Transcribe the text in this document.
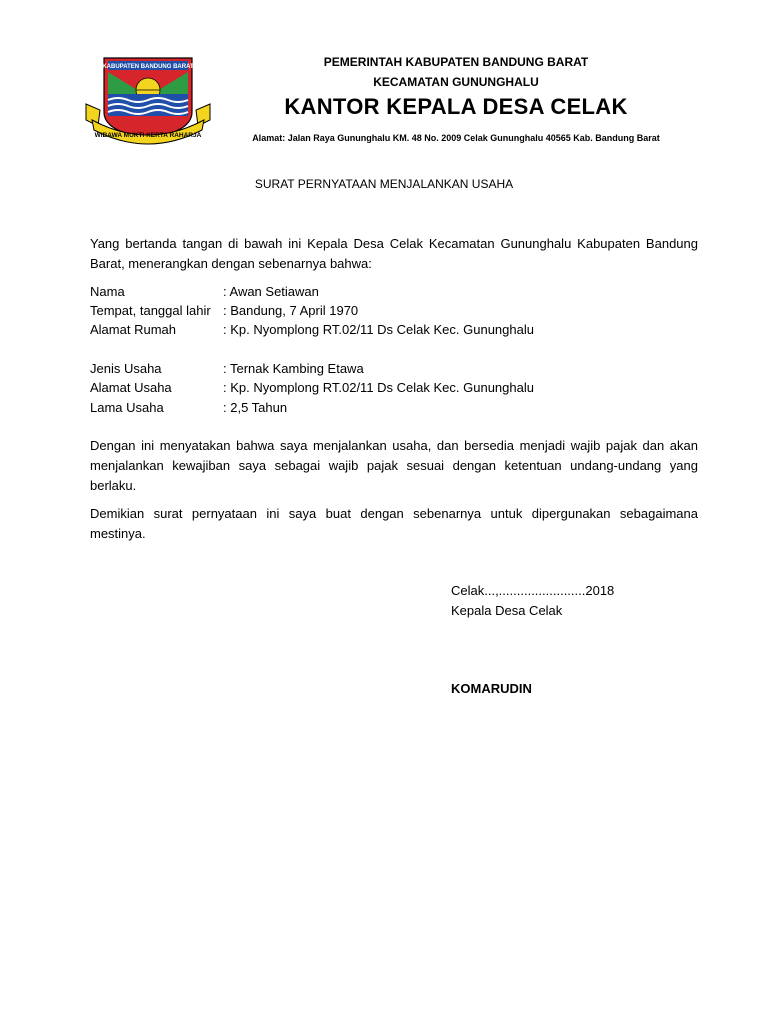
KABUPATEN BANDUNG BARAT
WIBAWA MUKTI KERTA RAHARJA
PEMERINTAH KABUPATEN BANDUNG BARAT
KECAMATAN GUNUNGHALU
KANTOR KEPALA DESA CELAK
Alamat: Jalan Raya Gununghalu KM. 48 No. 2009 Celak Gununghalu 40565 Kab. Bandung Barat
SURAT PERNYATAAN MENJALANKAN USAHA
Yang bertanda tangan di bawah ini Kepala Desa Celak Kecamatan Gununghalu Kabupaten Bandung Barat, menerangkan dengan sebenarnya bahwa:
Nama	: Awan Setiawan
Tempat, tanggal lahir : Bandung, 7 April 1970
Alamat Rumah	: Kp. Nyomplong RT.02/11 Ds Celak Kec. Gununghalu
Jenis Usaha	: Ternak Kambing Etawa
Alamat Usaha	: Kp. Nyomplong RT.02/11 Ds Celak Kec. Gununghalu
Lama Usaha	: 2,5 Tahun
Dengan ini menyatakan bahwa saya menjalankan usaha, dan bersedia menjadi wajib pajak dan akan menjalankan kewajiban saya sebagai wajib pajak sesuai dengan ketentuan undang-undang yang berlaku.
Demikian surat pernyataan ini saya buat dengan sebenarnya untuk dipergunakan sebagaimana mestinya.
Celak...,........................2018
Kepala Desa Celak
KOMARUDIN
